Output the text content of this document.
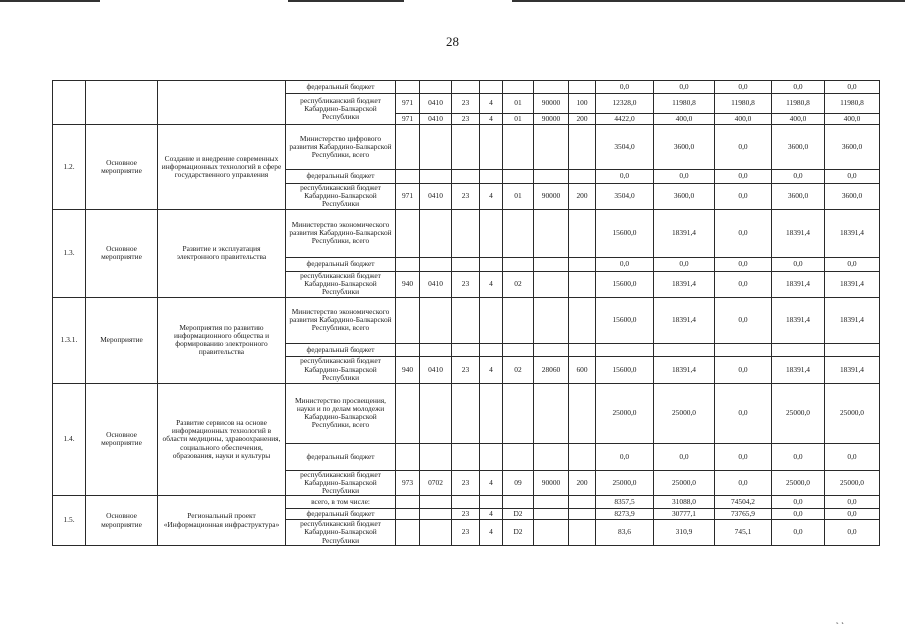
28
			федеральный бюджет								0,0	0,0	0,0	0,0	0,0
			республиканский бюджет Кабардино-Балкарской Республики	971	0410	23	4	01	90000	100	12328,0	11980,8	11980,8	11980,8	11980,8
				971	0410	23	4	01	90000	200	4422,0	400,0	400,0	400,0	400,0
1.2.	Основное мероприятие	Создание и внедрение современных информационных технологий в сфере государственного управления	Министерство цифрового развития Кабардино-Балкарской Республики, всего								3504,0	3600,0	0,0	3600,0	3600,0
			федеральный бюджет								0,0	0,0	0,0	0,0	0,0
			республиканский бюджет Кабардино-Балкарской Республики	971	0410	23	4	01	90000	200	3504,0	3600,0	0,0	3600,0	3600,0
1.3.	Основное мероприятие	Развитие и эксплуатация электронного правительства	Министерство экономического развития Кабардино-Балкарской Республики, всего								15600,0	18391,4	0,0	18391,4	18391,4
			федеральный бюджет								0,0	0,0	0,0	0,0	0,0
			республиканский бюджет Кабардино-Балкарской Республики	940	0410	23	4	02			15600,0	18391,4	0,0	18391,4	18391,4
1.3.1.	Мероприятие	Мероприятия по развитию информационного общества и формированию электронного правительства	Министерство экономического развития Кабардино-Балкарской Республики, всего								15600,0	18391,4	0,0	18391,4	18391,4
			федеральный бюджет												
			республиканский бюджет Кабардино-Балкарской Республики	940	0410	23	4	02	28060	600	15600,0	18391,4	0,0	18391,4	18391,4
1.4.	Основное мероприятие	Развитие сервисов на основе информационных технологий в области медицины, здравоохранения, социального обеспечения, образования, науки и культуры	Министерство просвещения, науки и по делам молодежи Кабардино-Балкарской Республики, всего								25000,0	25000,0	0,0	25000,0	25000,0
			федеральный бюджет								0,0	0,0	0,0	0,0	0,0
			республиканский бюджет Кабардино-Балкарской Республики	973	0702	23	4	09	90000	200	25000,0	25000,0	0,0	25000,0	25000,0
1.5.	Основное мероприятие	Региональный проект «Информационная инфраструктура»	всего, в том числе:								8357,5	31088,0	74504,2	0,0	0,0
			федеральный бюджет			23	4	D2			8273,9	30777,1	73765,9	0,0	0,0
			республиканский бюджет Кабардино-Балкарской Республики			23	4	D2			83,6	310,9	745,1	0,0	0,0
˛ ˛
